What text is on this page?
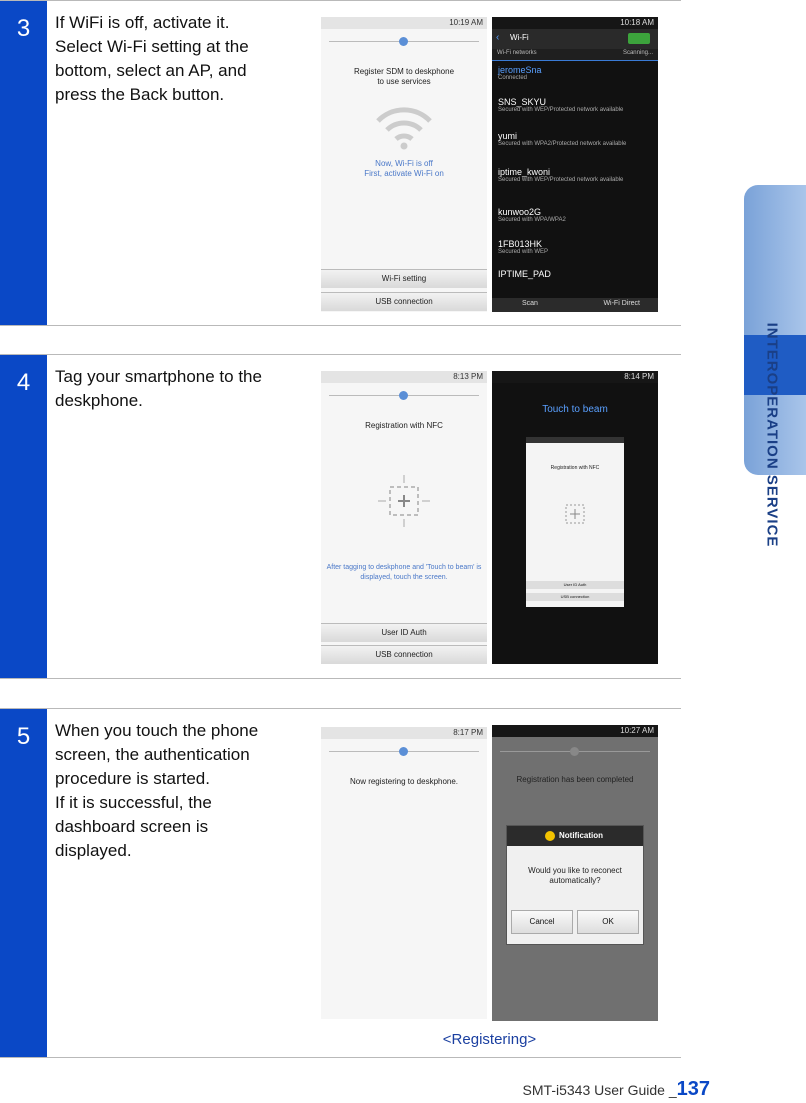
INTEROPERATION SERVICE
3	If WiFi is off, activate it.
Select Wi-Fi setting at the
bottom, select an AP, and
press the Back button.
10:19 AM
Register SDM to deskphone
to use services
Now, Wi-Fi is off
First, activate Wi-Fi on
Wi-Fi setting
USB connection
10:18 AM
‹ Wi-Fi
Wi-Fi networks	Scanning...
jeromeSna
Connected
SNS_SKYU
Secured with WEP/Protected network available
yumi
Secured with WPA2/Protected network available
iptime_kwoni
Secured with WEP/Protected network available
kunwoo2G
Secured with WPA/WPA2
1FB013HK
Secured with WEP
IPTIME_PAD
Scan	Wi-Fi Direct
4	Tag your smartphone to the
deskphone.
8:13 PM
Registration with NFC
After tagging to deskphone and 'Touch to beam' is
displayed, touch the screen.
User ID Auth
USB connection
8:14 PM
Touch to beam
Registration with NFC
User ID Auth
USB connection
5	When you touch the phone
screen, the authentication
procedure is started.
If it is successful, the
dashboard screen is
displayed.
8:17 PM
Now registering to deskphone.
10:27 AM
Registration has been completed
Notification
Would you like to reconect
automatically?
Cancel	OK
<Registering>
SMT-i5343 User Guide _137
